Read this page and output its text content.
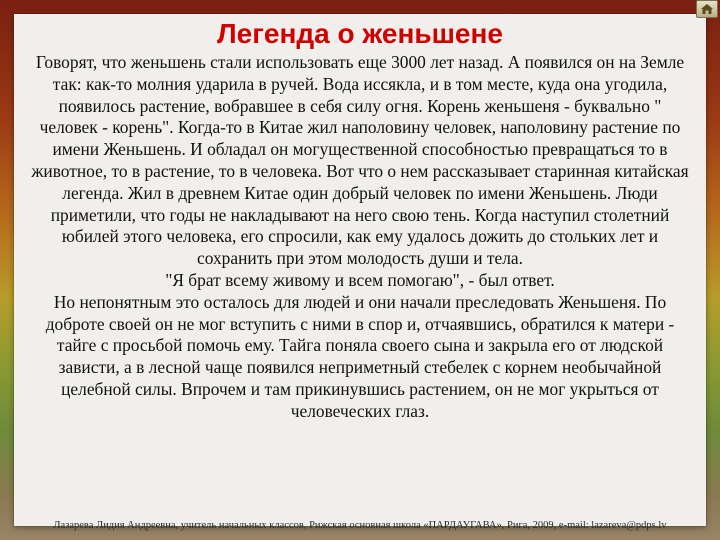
Легенда о женьшене

Говорят, что женьшень стали использовать еще 3000 лет назад. А появился он на Земле так: как-то молния ударила в ручей. Вода иссякла, и в том месте, куда она угодила, появилось растение, вобравшее в себя силу огня. Корень женьшеня - буквально " человек - корень". Когда-то в Китае жил наполовину человек, наполовину растение по имени Женьшень. И обладал он могущественной способностью превращаться то в животное, то в растение, то в человека. Вот что о нем рассказывает старинная китайская легенда. Жил в древнем Китае один добрый человек по имени Женьшень. Люди приметили, что годы не накладывают на него свою тень. Когда наступил столетний юбилей этого человека, его спросили, как ему удалось дожить до стольких лет и сохранить при этом молодость души и тела.

"Я брат всему живому и всем помогаю", - был ответ.

Но непонятным это осталось для людей и они начали преследовать Женьшеня. По доброте своей он не мог вступить с ними в спор и, отчаявшись, обратился к матери - тайге с просьбой помочь ему. Тайга поняла своего сына и закрыла его от людской зависти, а в лесной чаще появился неприметный стебелек с корнем необычайной целебной силы. Впрочем и там прикинувшись растением, он не мог укрыться от человеческих глаз.

Лазарева Лидия Андреевна, учитель начальных классов, Рижская основная школа «ПАРДАУГАВА», Рига, 2009, e-mail: lazareva@pdps.lv
